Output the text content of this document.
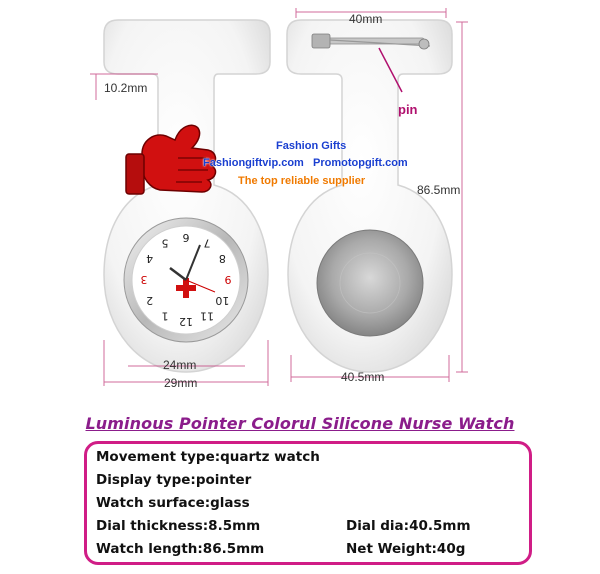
12
1
2
3
4
5 6 7
8
9
10
11
40mm
10.2mm
86.5mm
24mm
29mm	40.5mm
pin
Fashion Gifts
Fashiongiftvip.com Promotopgift.com
The top reliable supplier
Luminous Pointer Colorul Silicone Nurse Watch
Movement type:quartz watch
Display type:pointer
Watch surface:glass
Dial thickness:8.5mm
Watch length:86.5mm
Dial dia:40.5mm
Net Weight:40g
